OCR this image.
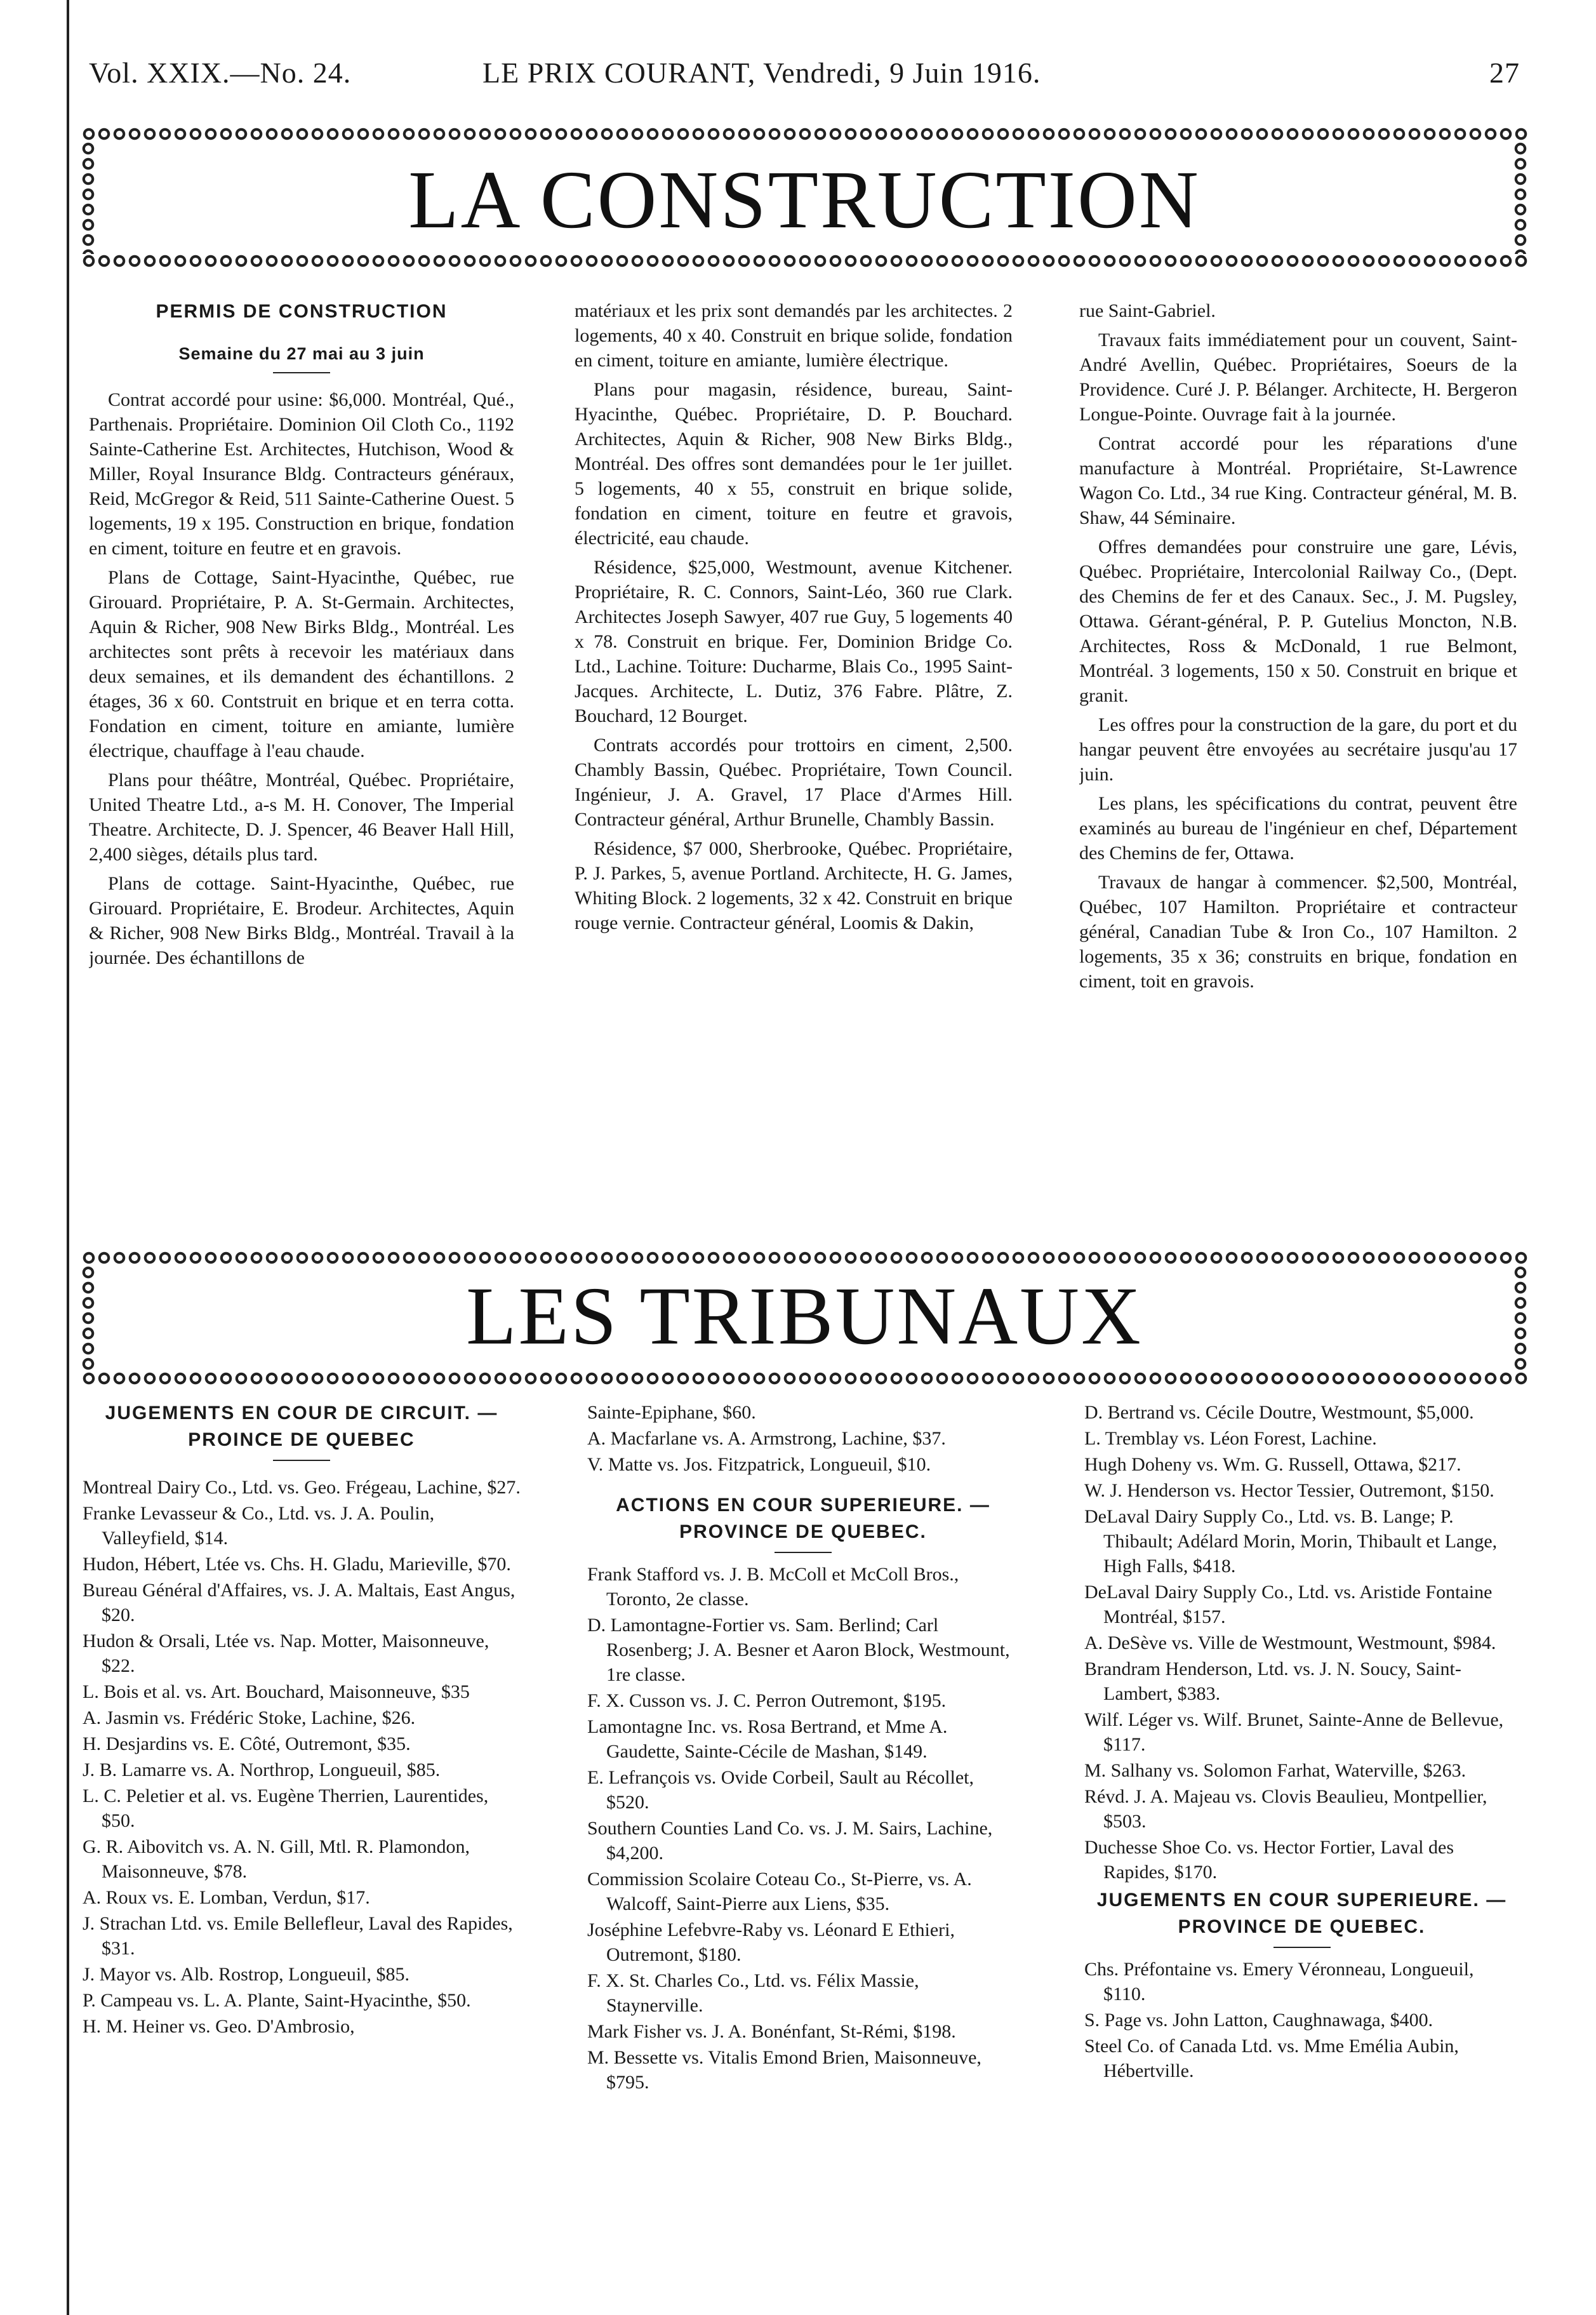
Vol. XXIX.—No. 24.	LE PRIX COURANT, Vendredi, 9 Juin 1916.	27
LA CONSTRUCTION
PERMIS DE CONSTRUCTION
Semaine du 27 mai au 3 juin

Contrat accordé pour usine: $6,000. Montréal, Qué., Parthenais. Propriétaire. Dominion Oil Cloth Co., 1192 Sainte-Catherine Est. Architectes, Hutchison, Wood & Miller, Royal Insurance Bldg. Contracteurs généraux, Reid, McGregor & Reid, 511 Sainte-Catherine Ouest. 5 logements, 19 x 195. Construction en brique, fondation en ciment, toiture en feutre et en gravois.

Plans de Cottage, Saint-Hyacinthe, Québec, rue Girouard. Propriétaire, P. A. St-Germain. Architectes, Aquin & Richer, 908 New Birks Bldg., Montréal. Les architectes sont prêts à recevoir les matériaux dans deux semaines, et ils demandent des échantillons. 2 étages, 36 x 60. Contstruit en brique et en terra cotta. Fondation en ciment, toiture en amiante, lumière électrique, chauffage à l'eau chaude.

Plans pour théâtre, Montréal, Québec. Propriétaire, United Theatre Ltd., a-s M. H. Conover, The Imperial Theatre. Architecte, D. J. Spencer, 46 Beaver Hall Hill, 2,400 sièges, détails plus tard.

Plans de cottage. Saint-Hyacinthe, Québec, rue Girouard. Propriétaire, E. Brodeur. Architectes, Aquin & Richer, 908 New Birks Bldg., Montréal. Travail à la journée. Des échantillons de

matériaux et les prix sont demandés par les architectes. 2 logements, 40 x 40. Construit en brique solide, fondation en ciment, toiture en amiante, lumière électrique.

Plans pour magasin, résidence, bureau, Saint-Hyacinthe, Québec. Propriétaire, D. P. Bouchard. Architectes, Aquin & Richer, 908 New Birks Bldg., Montréal. Des offres sont demandées pour le 1er juillet. 5 logements, 40 x 55, construit en brique solide, fondation en ciment, toiture en feutre et gravois, électricité, eau chaude.

Résidence, $25,000, Westmount, avenue Kitchener. Propriétaire, R. C. Connors, Saint-Léo, 360 rue Clark. Architectes Joseph Sawyer, 407 rue Guy, 5 logements 40 x 78. Construit en brique. Fer, Dominion Bridge Co. Ltd., Lachine. Toiture: Ducharme, Blais Co., 1995 Saint-Jacques. Architecte, L. Dutiz, 376 Fabre. Plâtre, Z. Bouchard, 12 Bourget.

Contrats accordés pour trottoirs en ciment, 2,500. Chambly Bassin, Québec. Propriétaire, Town Council. Ingénieur, J. A. Gravel, 17 Place d'Armes Hill. Contracteur général, Arthur Brunelle, Chambly Bassin.

Résidence, $7 000, Sherbrooke, Québec. Propriétaire, P. J. Parkes, 5, avenue Portland. Architecte, H. G. James, Whiting Block. 2 logements, 32 x 42. Construit en brique rouge vernie. Contracteur général, Loomis & Dakin,

rue Saint-Gabriel.

Travaux faits immédiatement pour un couvent, Saint-André Avellin, Québec. Propriétaires, Soeurs de la Providence. Curé J. P. Bélanger. Architecte, H. Bergeron Longue-Pointe. Ouvrage fait à la journée.

Contrat accordé pour les réparations d'une manufacture à Montréal. Propriétaire, St-Lawrence Wagon Co. Ltd., 34 rue King. Contracteur général, M. B. Shaw, 44 Séminaire.

Offres demandées pour construire une gare, Lévis, Québec. Propriétaire, Intercolonial Railway Co., (Dept. des Chemins de fer et des Canaux. Sec., J. M. Pugsley, Ottawa. Gérant-général, P. P. Gutelius Moncton, N.B. Architectes, Ross & McDonald, 1 rue Belmont, Montréal. 3 logements, 150 x 50. Construit en brique et granit.

Les offres pour la construction de la gare, du port et du hangar peuvent être envoyées au secrétaire jusqu'au 17 juin.

Les plans, les spécifications du contrat, peuvent être examinés au bureau de l'ingénieur en chef, Département des Chemins de fer, Ottawa.

Travaux de hangar à commencer. $2,500, Montréal, Québec, 107 Hamilton. Propriétaire et contracteur général, Canadian Tube & Iron Co., 107 Hamilton. 2 logements, 35 x 36; construits en brique, fondation en ciment, toit en gravois.

LES TRIBUNAUX
JUGEMENTS EN COUR DE CIRCUIT. — PROINCE DE QUEBEC

Montreal Dairy Co., Ltd. vs. Geo. Frégeau, Lachine, $27.

Franke Levasseur & Co., Ltd. vs. J. A. Poulin, Valleyfield, $14.

Hudon, Hébert, Ltée vs. Chs. H. Gladu, Marieville, $70.

Bureau Général d'Affaires, vs. J. A. Maltais, East Angus, $20.

Hudon & Orsali, Ltée vs. Nap. Motter, Maisonneuve, $22.

L. Bois et al. vs. Art. Bouchard, Maisonneuve, $35

A. Jasmin vs. Frédéric Stoke, Lachine, $26.

H. Desjardins vs. E. Côté, Outremont, $35.

J. B. Lamarre vs. A. Northrop, Longueuil, $85.

L. C. Peletier et al. vs. Eugène Therrien, Laurentides, $50.

G. R. Aibovitch vs. A. N. Gill, Mtl. R. Plamondon, Maisonneuve, $78.

A. Roux vs. E. Lomban, Verdun, $17.

J. Strachan Ltd. vs. Emile Bellefleur, Laval des Rapides, $31.

J. Mayor vs. Alb. Rostrop, Longueuil, $85.

P. Campeau vs. L. A. Plante, Saint-Hyacinthe, $50.

H. M. Heiner vs. Geo. D'Ambrosio,

Sainte-Epiphane, $60.

A. Macfarlane vs. A. Armstrong, Lachine, $37.

V. Matte vs. Jos. Fitzpatrick, Longueuil, $10.

ACTIONS EN COUR SUPERIEURE. — PROVINCE DE QUEBEC.

Frank Stafford vs. J. B. McColl et McColl Bros., Toronto, 2e classe.

D. Lamontagne-Fortier vs. Sam. Berlind; Carl Rosenberg; J. A. Besner et Aaron Block, Westmount, 1re classe.

F. X. Cusson vs. J. C. Perron Outremont, $195.

Lamontagne Inc. vs. Rosa Bertrand, et Mme A. Gaudette, Sainte-Cécile de Mashan, $149.

E. Lefrançois vs. Ovide Corbeil, Sault au Récollet, $520.

Southern Counties Land Co. vs. J. M. Sairs, Lachine, $4,200.

Commission Scolaire Coteau Co., St-Pierre, vs. A. Walcoff, Saint-Pierre aux Liens, $35.

Joséphine Lefebvre-Raby vs. Léonard E Ethieri, Outremont, $180.

F. X. St. Charles Co., Ltd. vs. Félix Massie, Staynerville.

Mark Fisher vs. J. A. Bonénfant, St-Rémi, $198.

M. Bessette vs. Vitalis Emond Brien, Maisonneuve, $795.

D. Bertrand vs. Cécile Doutre, Westmount, $5,000.

L. Tremblay vs. Léon Forest, Lachine.

Hugh Doheny vs. Wm. G. Russell, Ottawa, $217.

W. J. Henderson vs. Hector Tessier, Outremont, $150.

DeLaval Dairy Supply Co., Ltd. vs. B. Lange; P. Thibault; Adélard Morin, Morin, Thibault et Lange, High Falls, $418.

DeLaval Dairy Supply Co., Ltd. vs. Aristide Fontaine Montréal, $157.

A. DeSève vs. Ville de Westmount, Westmount, $984.

Brandram Henderson, Ltd. vs. J. N. Soucy, Saint-Lambert, $383.

Wilf. Léger vs. Wilf. Brunet, Sainte-Anne de Bellevue, $117.

M. Salhany vs. Solomon Farhat, Waterville, $263.

Révd. J. A. Majeau vs. Clovis Beaulieu, Montpellier, $503.

Duchesse Shoe Co. vs. Hector Fortier, Laval des Rapides, $170.

JUGEMENTS EN COUR SUPERIEURE. — PROVINCE DE QUEBEC.

Chs. Préfontaine vs. Emery Véronneau, Longueuil, $110.

S. Page vs. John Latton, Caughnawaga, $400.

Steel Co. of Canada Ltd. vs. Mme Emélia Aubin, Hébertville.
